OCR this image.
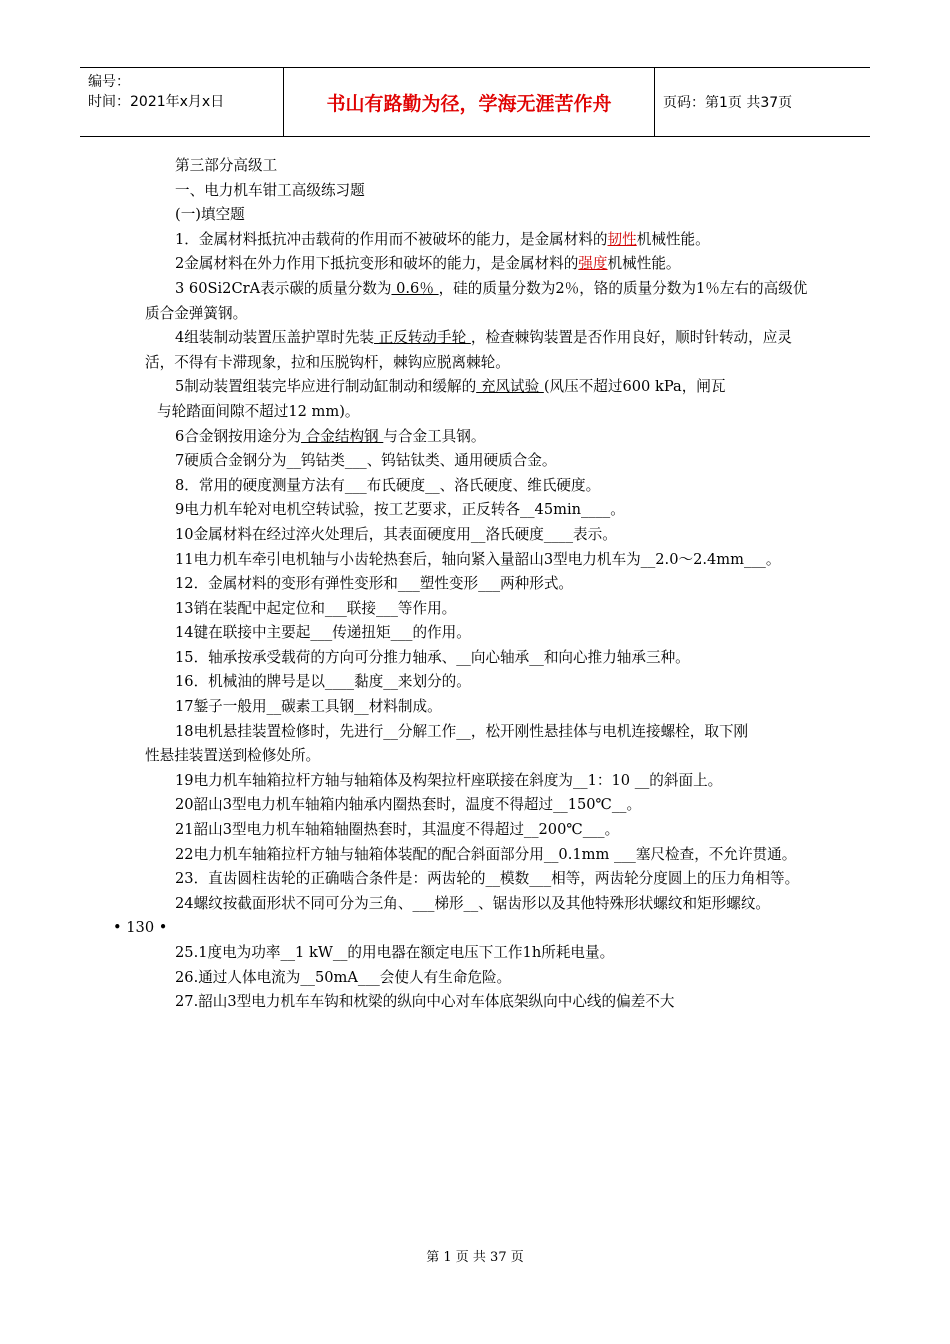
编号：
时间：2021年x月x日	书山有路勤为径，学海无涯苦作舟	页码：第1页 共37页

第三部分高级工

一、电力机车钳工高级练习题

(一)填空题

1．金属材料抵抗冲击载荷的作用而不被破坏的能力，是金属材料的韧性机械性能。

2金属材料在外力作用下抵抗变形和破坏的能力，是金属材料的强度机械性能。

3 60Si2CrA表示碳的质量分数为 0.6％ ，硅的质量分数为2％，铬的质量分数为1％左右的高级优质合金弹簧钢。

4组装制动装置压盖护罩时先装 正反转动手轮 ，检查棘钩装置是否作用良好，顺时针转动，应灵活，不得有卡滞现象，拉和压脱钩杆，棘钩应脱离棘轮。

5制动装置组装完毕应进行制动缸制动和缓解的 充风试验 (风压不超过600 kPa，闸瓦

与轮踏面间隙不超过12 mm)。

6合金钢按用途分为 合金结构钢 与合金工具钢。

7硬质合金钢分为__钨钴类___、钨钴钛类、通用硬质合金。

8．常用的硬度测量方法有___布氏硬度__、洛氏硬度、维氏硬度。

9电力机车轮对电机空转试验，按工艺要求，正反转各__45min____。

10金属材料在经过淬火处理后，其表面硬度用__洛氏硬度____表示。

11电力机车牵引电机轴与小齿轮热套后，轴向紧入量韶山3型电力机车为__2.0～2.4mm___。

12．金属材料的变形有弹性变形和___塑性变形___两种形式。

13销在装配中起定位和___联接___等作用。

14键在联接中主要起___传递扭矩___的作用。

15．轴承按承受载荷的方向可分推力轴承、__向心轴承__和向心推力轴承三种。

16．机械油的牌号是以____黏度__来划分的。

17錾子一般用__碳素工具钢__材料制成。

18电机悬挂装置检修时，先进行__分解工作__，松开刚性悬挂体与电机连接螺栓，取下刚

性悬挂装置送到检修处所。

19电力机车轴箱拉杆方轴与轴箱体及构架拉杆座联接在斜度为__1：10 __的斜面上。

20韶山3型电力机车轴箱内轴承内圈热套时，温度不得超过__150℃__。

21韶山3型电力机车轴箱轴圈热套时，其温度不得超过__200℃___。

22电力机车轴箱拉杆方轴与轴箱体装配的配合斜面部分用__0.1mm ___塞尺检查，不允许贯通。

23．直齿圆柱齿轮的正确啮合条件是：两齿轮的__模数___相等，两齿轮分度圆上的压力角相等。

24螺纹按截面形状不同可分为三角、___梯形__、锯齿形以及其他特殊形状螺纹和矩形螺纹。

• 130 •

25.1度电为功率__1 kW__的用电器在额定电压下工作1h所耗电量。

26.通过人体电流为__50mA___会使人有生命危险。

27.韶山3型电力机车车钩和枕梁的纵向中心对车体底架纵向中心线的偏差不大

第 1 页 共 37 页
